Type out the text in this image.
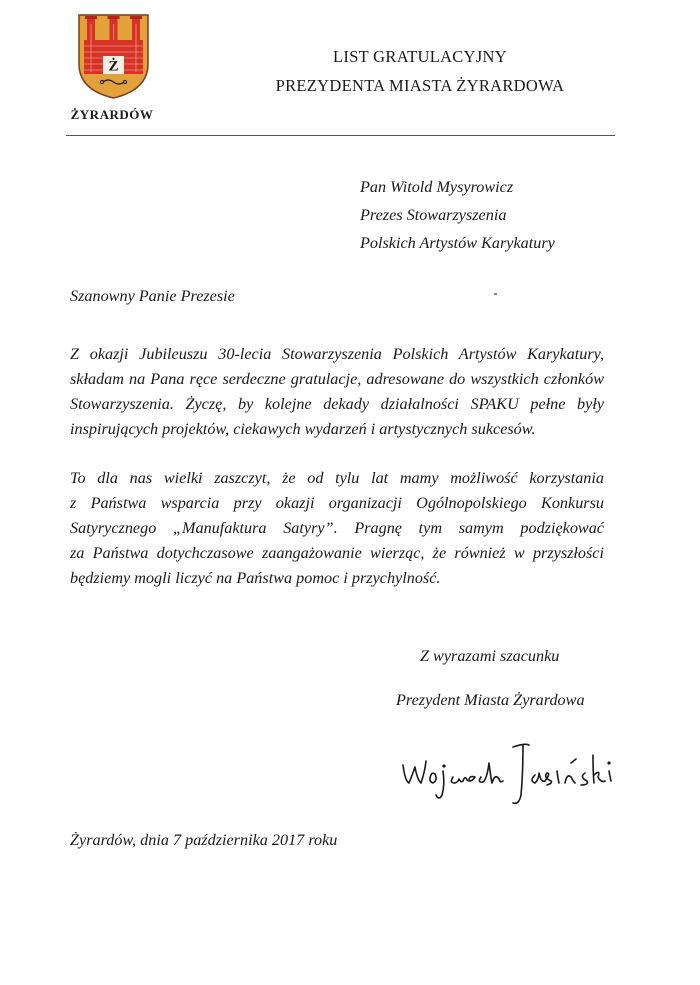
Ż
ŻYRARDÓW
LIST GRATULACYJNY
PREZYDENTA MIASTA ŻYRARDOWA
Pan Witold Mysyrowicz
Prezes Stowarzyszenia
Polskich Artystów Karykatury
Szanowny Panie Prezesie
Z okazji Jubileuszu 30-lecia Stowarzyszenia Polskich Artystów Karykatury,
składam na Pana ręce serdeczne gratulacje, adresowane do wszystkich członków
Stowarzyszenia. Życzę, by kolejne dekady działalności SPAKU pełne były
inspirujących projektów, ciekawych wydarzeń i artystycznych sukcesów.
To dla nas wielki zaszczyt, że od tylu lat mamy możliwość korzystania
z Państwa wsparcia przy okazji organizacji Ogólnopolskiego Konkursu
Satyrycznego „Manufaktura Satyry”. Pragnę tym samym podziękować
za Państwa dotychczasowe zaangażowanie wierząc, że również w przyszłości
będziemy mogli liczyć na Państwa pomoc i przychylność.
Z wyrazami szacunku
Prezydent Miasta Żyrardowa
Żyrardów, dnia 7 października 2017 roku
